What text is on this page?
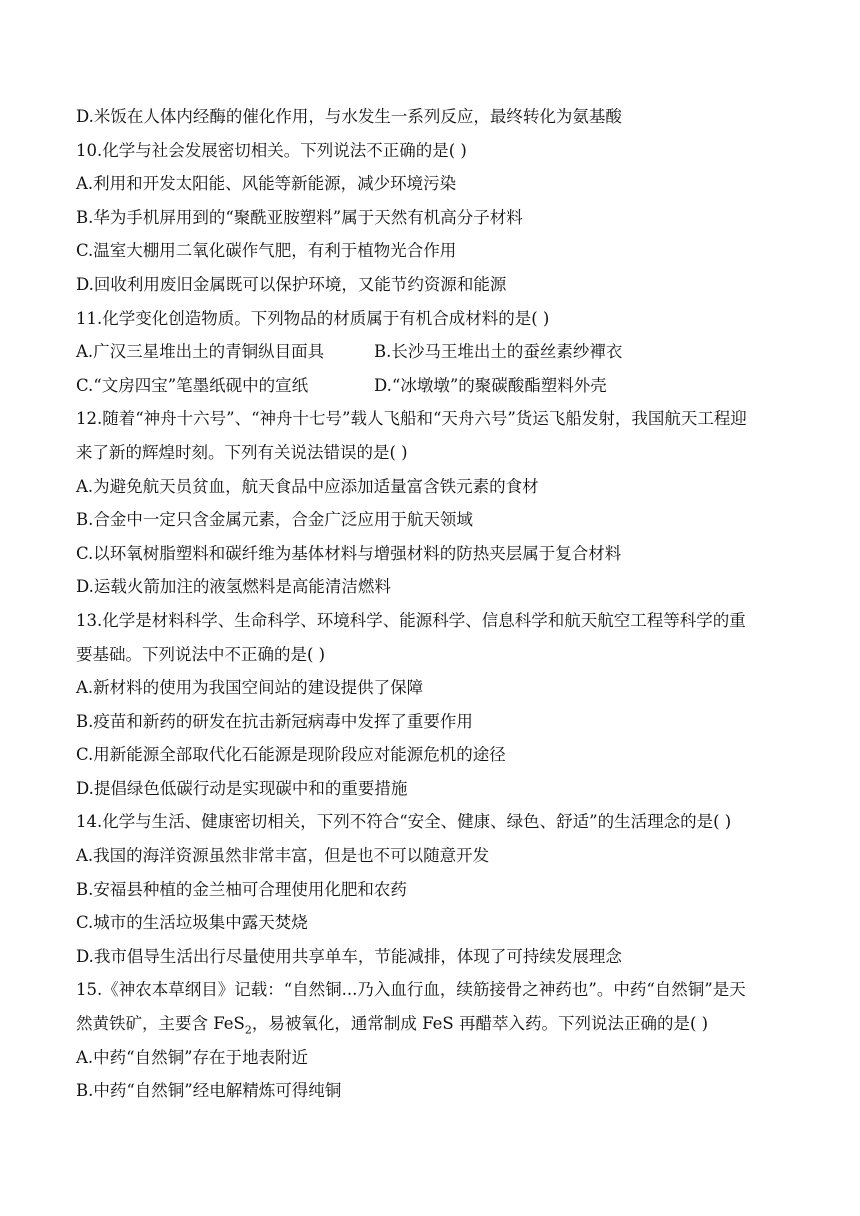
D.米饭在人体内经酶的催化作用，与水发生一系列反应，最终转化为氨基酸
10.化学与社会发展密切相关。下列说法不正确的是( )
A.利用和开发太阳能、风能等新能源，减少环境污染
B.华为手机屏用到的“聚酰亚胺塑料”属于天然有机高分子材料
C.温室大棚用二氧化碳作气肥，有利于植物光合作用
D.回收利用废旧金属既可以保护环境，又能节约资源和能源
11.化学变化创造物质。下列物品的材质属于有机合成材料的是( )
A.广汉三星堆出土的青铜纵目面具	B.长沙马王堆出土的蚕丝素纱襌衣
C.“文房四宝”笔墨纸砚中的宣纸	D.“冰墩墩”的聚碳酸酯塑料外壳
12.随着“神舟十六号”、“神舟十七号”载人飞船和“天舟六号”货运飞船发射，我国航天工程迎
来了新的辉煌时刻。下列有关说法错误的是( )
A.为避免航天员贫血，航天食品中应添加适量富含铁元素的食材
B.合金中一定只含金属元素，合金广泛应用于航天领域
C.以环氧树脂塑料和碳纤维为基体材料与增强材料的防热夹层属于复合材料
D.运载火箭加注的液氢燃料是高能清洁燃料
13.化学是材料科学、生命科学、环境科学、能源科学、信息科学和航天航空工程等科学的重
要基础。下列说法中不正确的是( )
A.新材料的使用为我国空间站的建设提供了保障
B.疫苗和新药的研发在抗击新冠病毒中发挥了重要作用
C.用新能源全部取代化石能源是现阶段应对能源危机的途径
D.提倡绿色低碳行动是实现碳中和的重要措施
14.化学与生活、健康密切相关，下列不符合“安全、健康、绿色、舒适”的生活理念的是( )
A.我国的海洋资源虽然非常丰富，但是也不可以随意开发
B.安福县种植的金兰柚可合理使用化肥和农药
C.城市的生活垃圾集中露天焚烧
D.我市倡导生活出行尽量使用共享单车，节能减排，体现了可持续发展理念
15.《神农本草纲目》记载：“自然铜...乃入血行血，续筋接骨之神药也”。中药“自然铜”是天
然黄铁矿，主要含 FeS$_2$，易被氧化，通常制成 FeS 再醋萃入药。下列说法正确的是( )
A.中药“自然铜”存在于地表附近
B.中药“自然铜”经电解精炼可得纯铜
